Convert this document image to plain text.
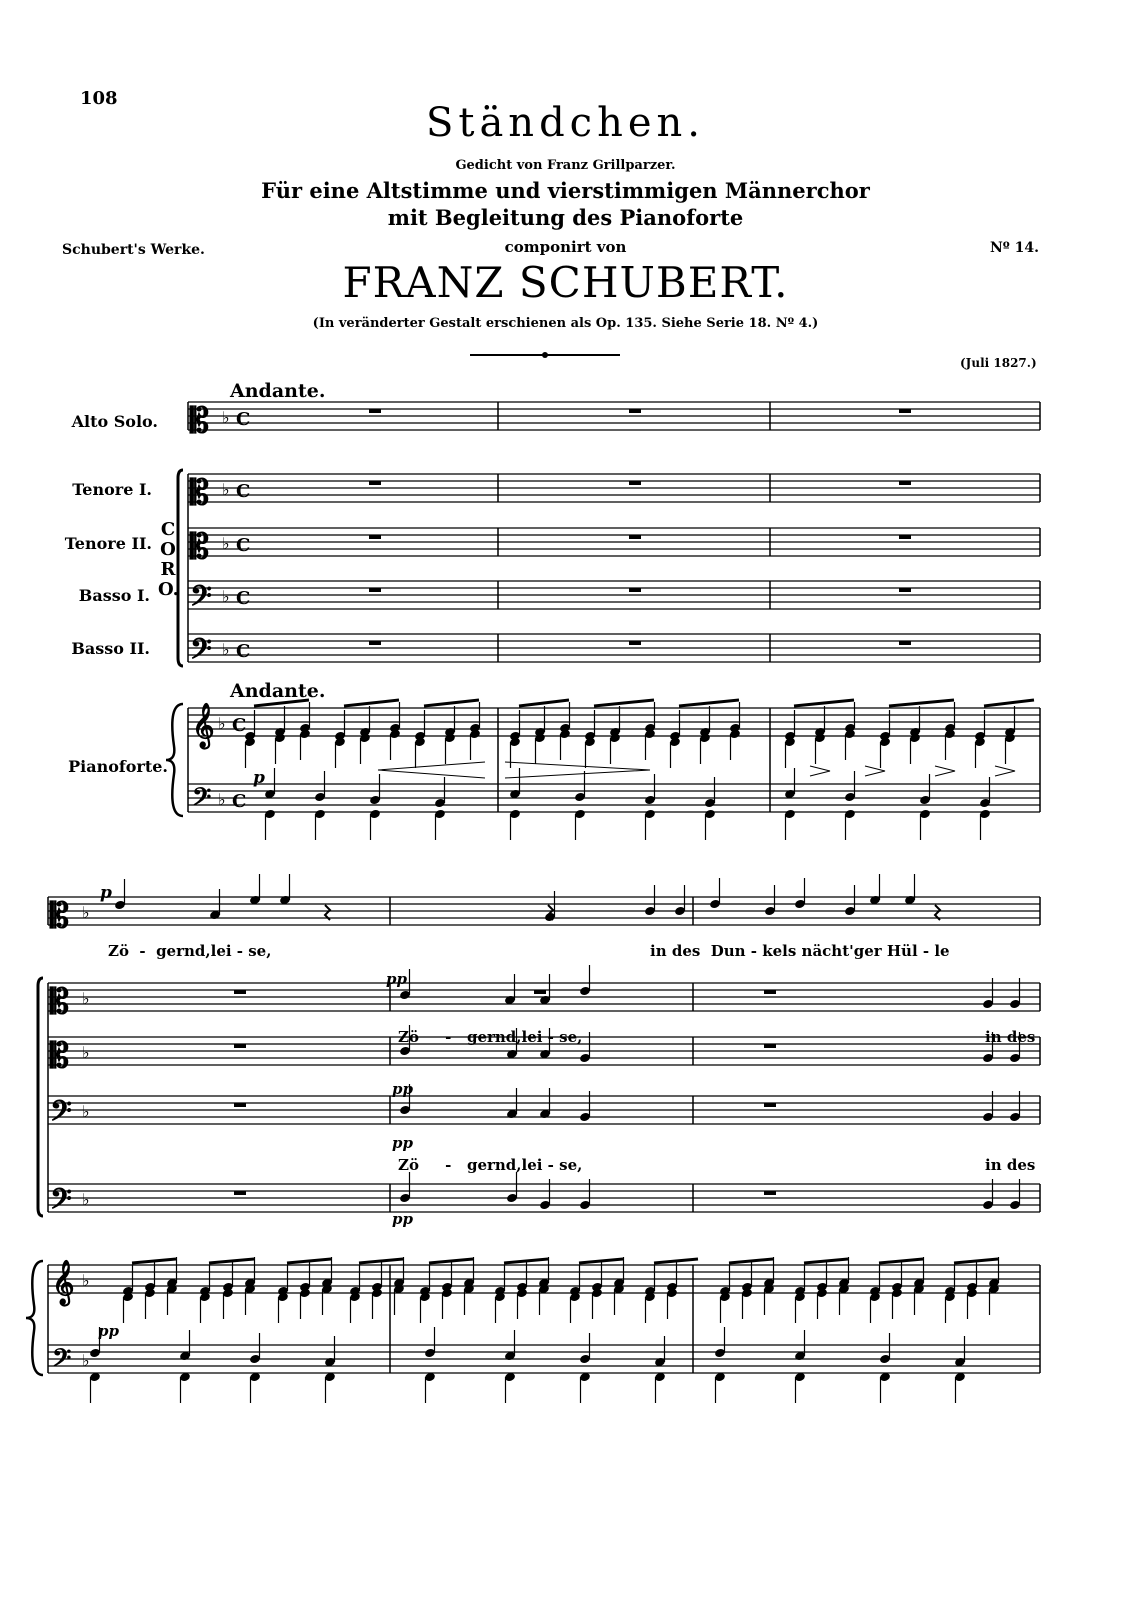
108
Ständchen.
Gedicht von Franz Grillparzer.
Für eine Altstimme und vierstimmigen Männerchor
mit Begleitung des Pianoforte
Schubert's Werke.	componirt von	Nº 14.
FRANZ SCHUBERT.
(In veränderter Gestalt erschienen als Op. 135. Siehe Serie 18. Nº 4.)
(Juli 1827.)
𝄡 ♭ C
𝄡 ♭ C
𝄡 ♭ C
𝄢 ♭ C
𝄢 ♭ C
𝄞
𝄢
♭ C
♭ C
𝄡 ♭
𝄡 ♭
𝄡 ♭
𝄢 ♭
𝄢 ♭
𝄞
𝄢
♭
♭
Andante.
Andante.
Alto Solo.
Tenore I.
Tenore II.
Basso I.
Basso II.
Pianoforte.
CORO.
p
p
Zö  -  gernd,lei - se,	in des  Dun - kels nächt'ger Hül - le
pp
Zö     -   gernd,lei - se,	in des
pp
pp
Zö     -   gernd,lei - se,	in des
pp
pp
